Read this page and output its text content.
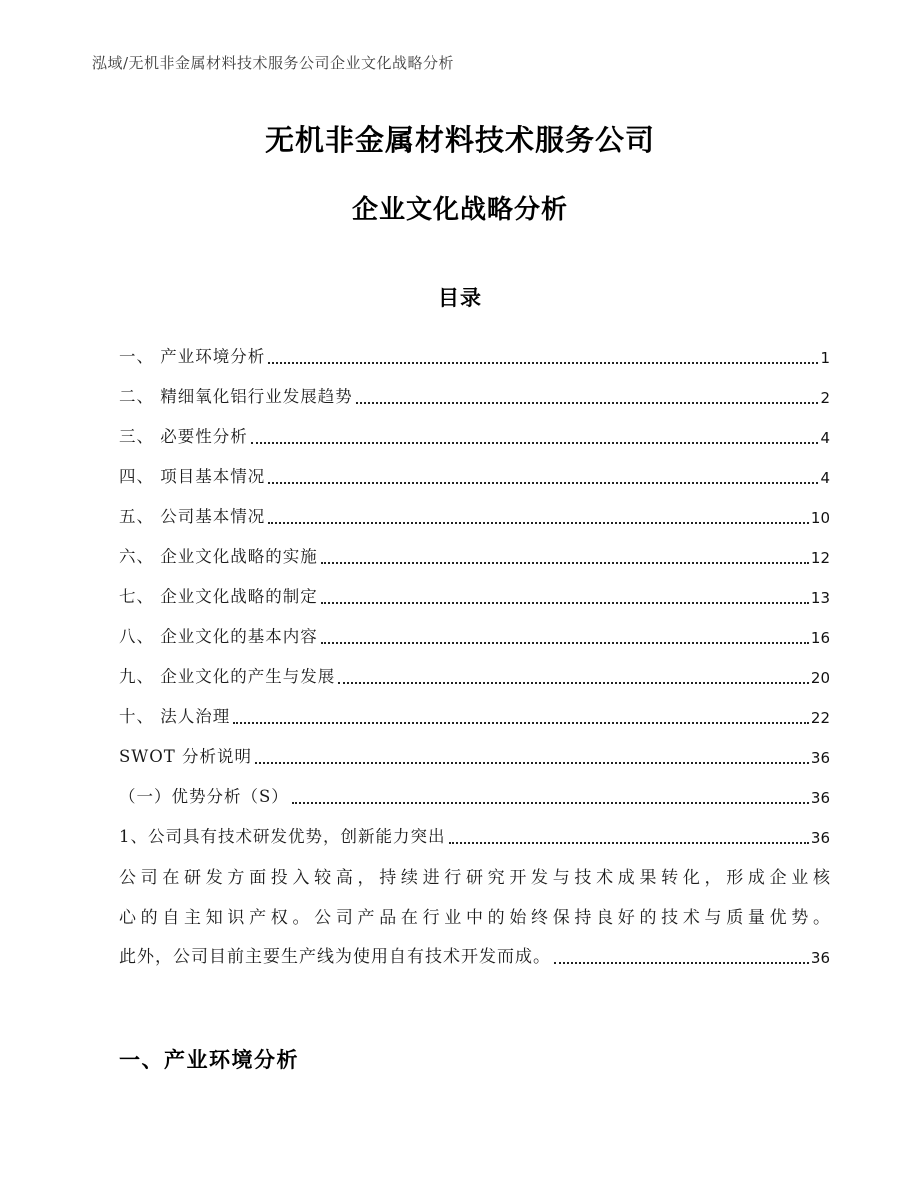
泓域/无机非金属材料技术服务公司企业文化战略分析
无机非金属材料技术服务公司
企业文化战略分析
目录
一、 产业环境分析	1
二、 精细氧化铝行业发展趋势	2
三、 必要性分析	4
四、 项目基本情况	4
五、 公司基本情况	10
六、 企业文化战略的实施	12
七、 企业文化战略的制定	13
八、 企业文化的基本内容	16
九、 企业文化的产生与发展	20
十、 法人治理	22
SWOT 分析说明	36
（一）优势分析（S）	36
1、公司具有技术研发优势，创新能力突出	36
公司在研发方面投入较高，持续进行研究开发与技术成果转化，形成企业核
心的自主知识产权。公司产品在行业中的始终保持良好的技术与质量优势。
此外，公司目前主要生产线为使用自有技术开发而成。	36
一、产业环境分析
